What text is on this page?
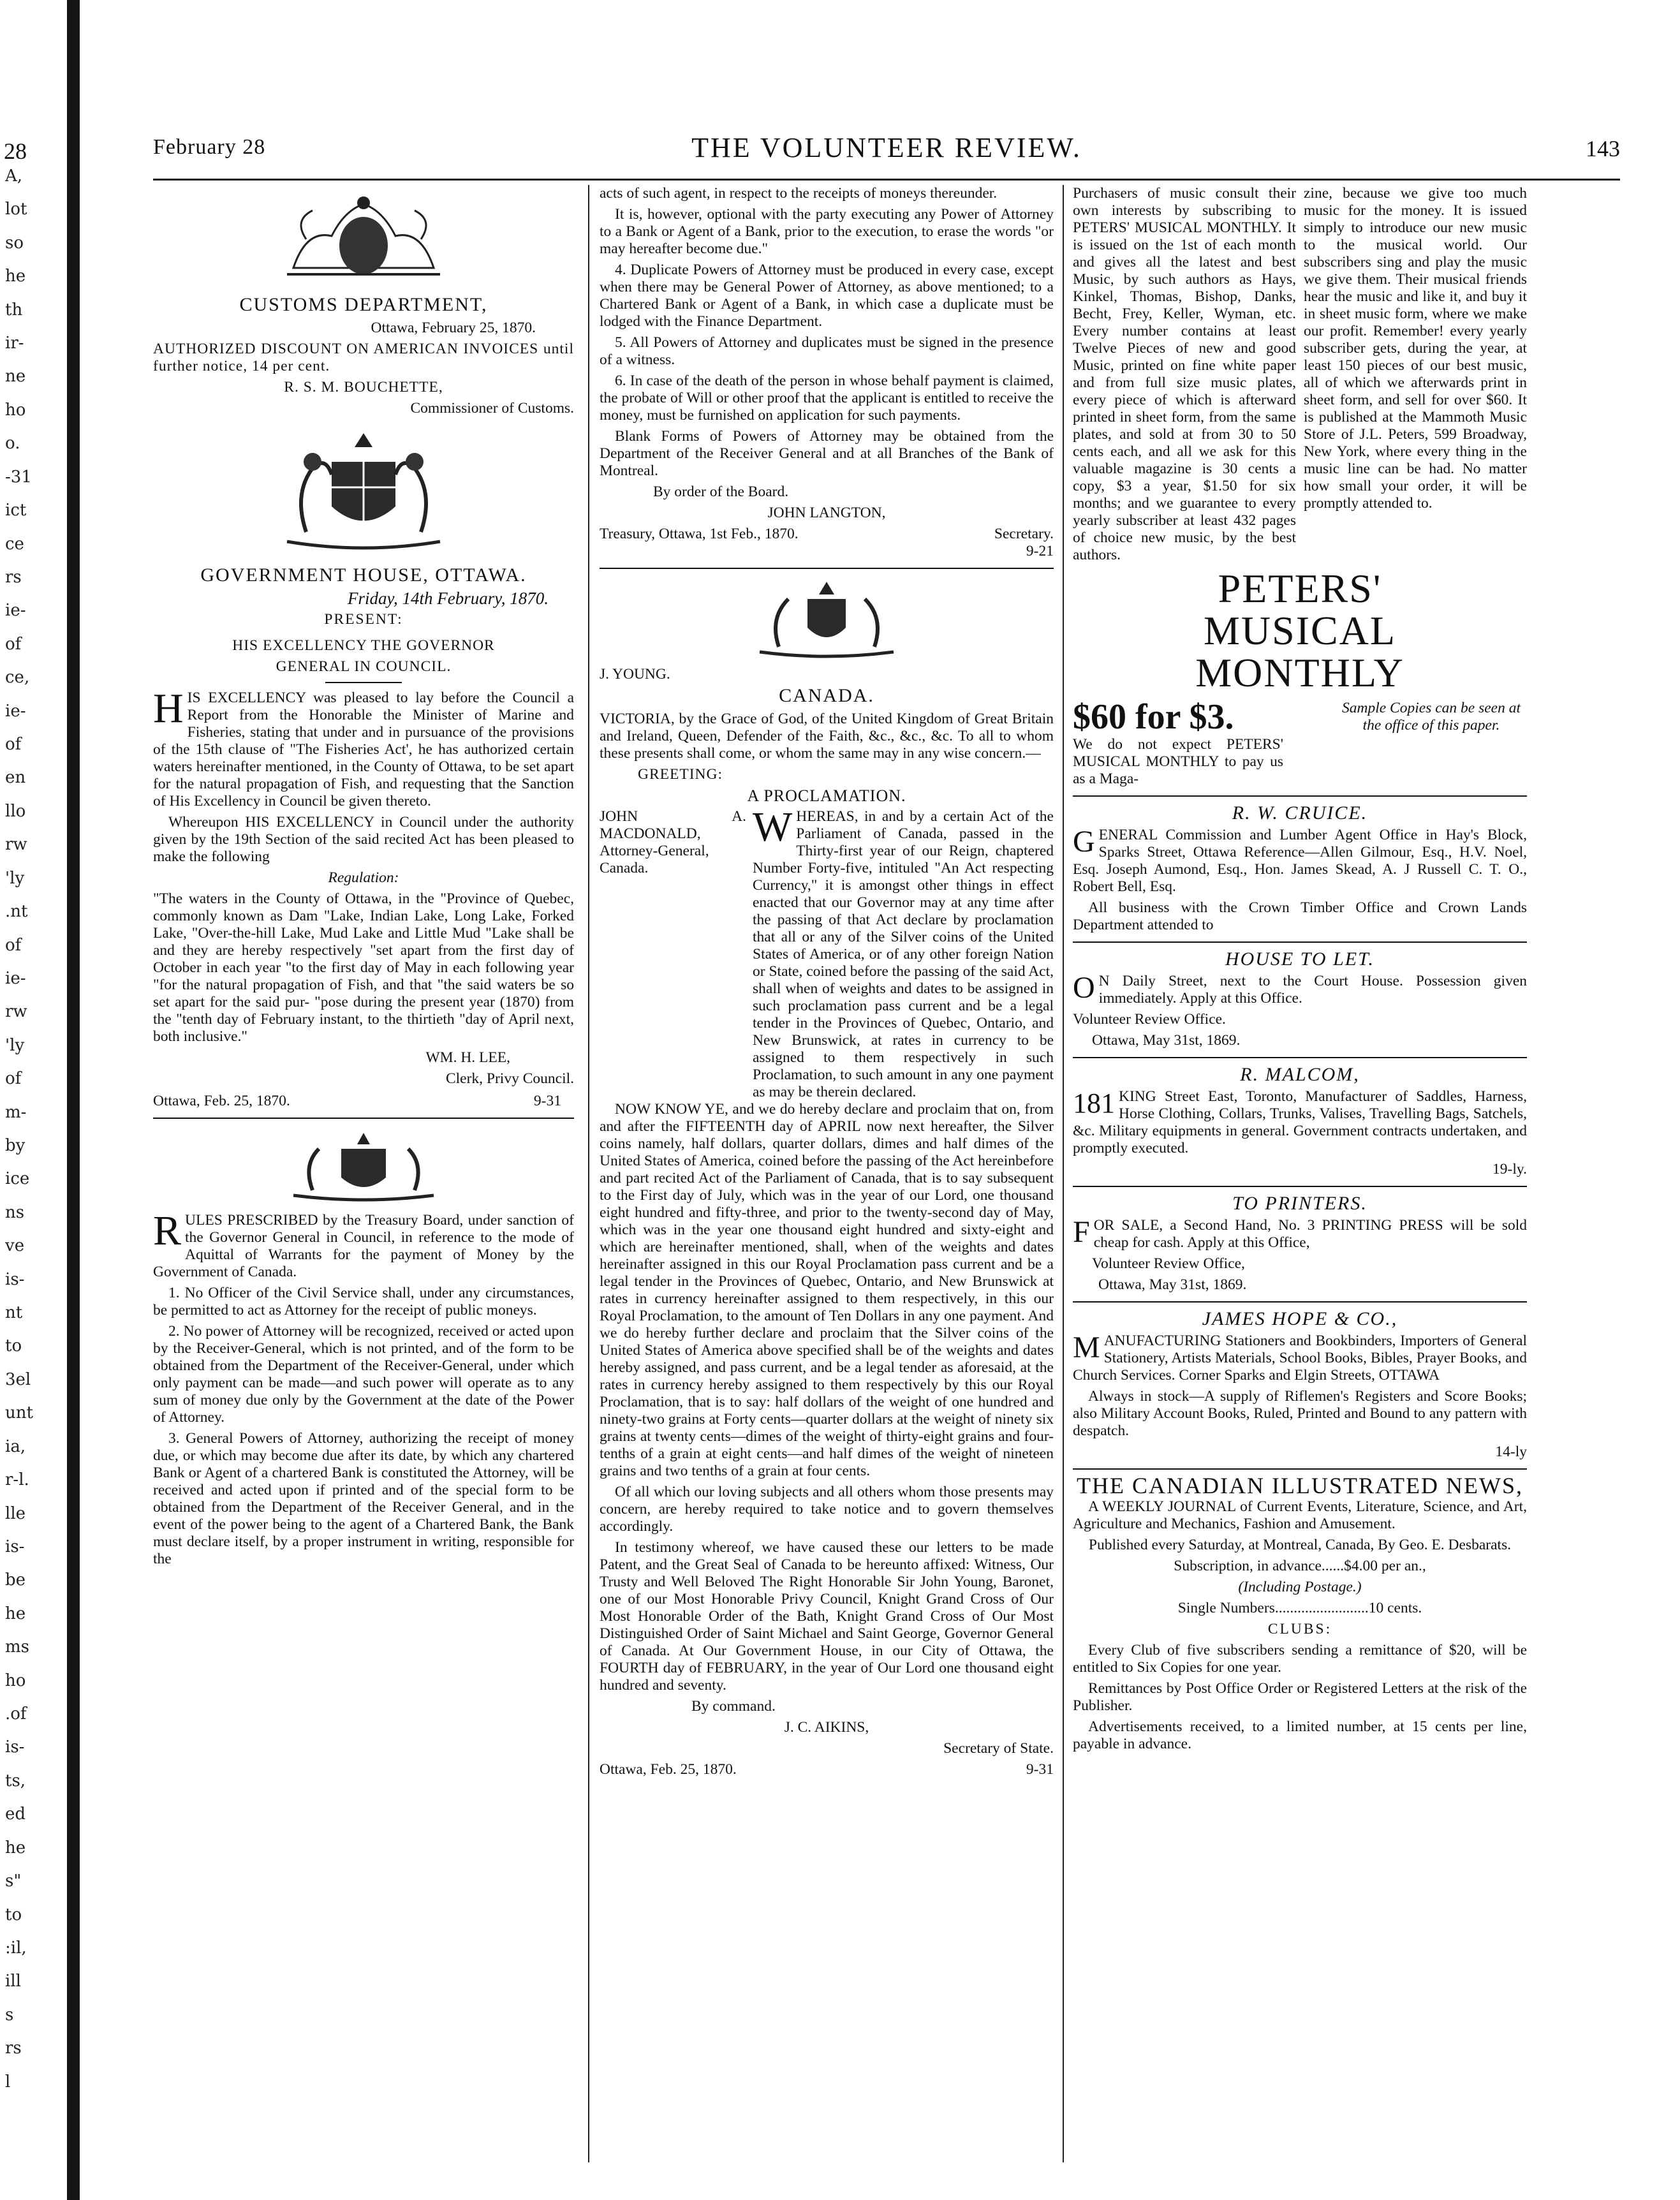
A,
lot
so
he
th
ir-
ne
ho
o.
-31
ict
ce
rs
ie-
of
ce,
ie-
of
en
llo
rw
'ly
.nt
of
ie-
rw
'ly
of
m-
by
ice
ns
ve
is-
nt
to
3el
unt
ia,
r-l.
lle
is-
be
he
ms
ho
.of
is-
ts,
ed
he
s"
to
:il,
ill
s
rs
l
28	February 28	THE VOLUNTEER REVIEW.	143
CUSTOMS DEPARTMENT,

Ottawa, February 25, 1870.

AUTHORIZED DISCOUNT ON AMERICAN INVOICES until further notice, 14 per cent.

R. S. M. BOUCHETTE,

Commissioner of Customs.

GOVERNMENT HOUSE, OTTAWA.

Friday, 14th February, 1870.

PRESENT:

HIS EXCELLENCY THE GOVERNOR

GENERAL IN COUNCIL.

HIS EXCELLENCY was pleased to lay before the Council a Report from the Honorable the Minister of Marine and Fisheries, stating that under and in pursuance of the provisions of the 15th clause of "The Fisheries Act', he has authorized certain waters hereinafter mentioned, in the County of Ottawa, to be set apart for the natural propagation of Fish, and requesting that the Sanction of His Excellency in Council be given thereto.

Whereupon HIS EXCELLENCY in Council under the authority given by the 19th Section of the said recited Act has been pleased to make the following

Regulation:

"The waters in the County of Ottawa, in the "Province of Quebec, commonly known as Dam "Lake, Indian Lake, Long Lake, Forked Lake, "Over-the-hill Lake, Mud Lake and Little Mud "Lake shall be and they are hereby respectively "set apart from the first day of October in each year "to the first day of May in each following year "for the natural propagation of Fish, and that "the said waters be so set apart for the said pur- "pose during the present year (1870) from the "tenth day of February instant, to the thirtieth "day of April next, both inclusive."

WM. H. LEE,

Clerk, Privy Council.

Ottawa, Feb. 25, 1870.	9-31

RULES PRESCRIBED by the Treasury Board, under sanction of the Governor General in Council, in reference to the mode of Aquittal of Warrants for the payment of Money by the Government of Canada.

1. No Officer of the Civil Service shall, under any circumstances, be permitted to act as Attorney for the receipt of public moneys.

2. No power of Attorney will be recognized, received or acted upon by the Receiver-General, which is not printed, and of the form to be obtained from the Department of the Receiver-General, under which only payment can be made—and such power will operate as to any sum of money due only by the Government at the date of the Power of Attorney.

3. General Powers of Attorney, authorizing the receipt of money due, or which may become due after its date, by which any chartered Bank or Agent of a chartered Bank is constituted the Attorney, will be received and acted upon if printed and of the special form to be obtained from the Department of the Receiver General, and in the event of the power being to the agent of a Chartered Bank, the Bank must declare itself, by a proper instrument in writing, responsible for the

acts of such agent, in respect to the receipts of moneys thereunder.

It is, however, optional with the party executing any Power of Attorney to a Bank or Agent of a Bank, prior to the execution, to erase the words "or may hereafter become due."

4. Duplicate Powers of Attorney must be produced in every case, except when there may be General Power of Attorney, as above mentioned; to a Chartered Bank or Agent of a Bank, in which case a duplicate must be lodged with the Finance Department.

5. All Powers of Attorney and duplicates must be signed in the presence of a witness.

6. In case of the death of the person in whose behalf payment is claimed, the probate of Will or other proof that the applicant is entitled to receive the money, must be furnished on application for such payments.

Blank Forms of Powers of Attorney may be obtained from the Department of the Receiver General and at all Branches of the Bank of Montreal.

By order of the Board.

JOHN LANGTON,

Treasury, Ottawa, 1st Feb., 1870.	Secretary.

9-21

J. YOUNG.

CANADA.

VICTORIA, by the Grace of God, of the United Kingdom of Great Britain and Ireland, Queen, Defender of the Faith, &c., &c., &c. To all to whom these presents shall come, or whom the same may in any wise concern.—

GREETING:

A PROCLAMATION.

JOHN A. MACDONALD, Attorney-General, Canada.
WHEREAS, in and by a certain Act of the Parliament of Canada, passed in the Thirty-first year of our Reign, chaptered Number Forty-five, intituled "An Act respecting Currency," it is amongst other things in effect enacted that our Governor may at any time after the passing of that Act declare by proclamation that all or any of the Silver coins of the United States of America, or of any other foreign Nation or State, coined before the passing of the said Act, shall when of weights and dates to be assigned in such proclamation pass current and be a legal tender in the Provinces of Quebec, Ontario, and New Brunswick, at rates in currency to be assigned to them respectively in such Proclamation, to such amount in any one payment as may be therein declared.

NOW KNOW YE, and we do hereby declare and proclaim that on, from and after the FIFTEENTH day of APRIL now next hereafter, the Silver coins namely, half dollars, quarter dollars, dimes and half dimes of the United States of America, coined before the passing of the Act hereinbefore and part recited Act of the Parliament of Canada, that is to say subsequent to the First day of July, which was in the year of our Lord, one thousand eight hundred and fifty-three, and prior to the twenty-second day of May, which was in the year one thousand eight hundred and sixty-eight and which are hereinafter mentioned, shall, when of the weights and dates hereinafter assigned in this our Royal Proclamation pass current and be a legal tender in the Provinces of Quebec, Ontario, and New Brunswick at rates in currency hereinafter assigned to them respectively, in this our Royal Proclamation, to the amount of Ten Dollars in any one payment. And we do hereby further declare and proclaim that the Silver coins of the United States of America above specified shall be of the weights and dates hereby assigned, and pass current, and be a legal tender as aforesaid, at the rates in currency hereby assigned to them respectively by this our Royal Proclamation, that is to say: half dollars of the weight of one hundred and ninety-two grains at Forty cents—quarter dollars at the weight of ninety six grains at twenty cents—dimes of the weight of thirty-eight grains and four-tenths of a grain at eight cents—and half dimes of the weight of nineteen grains and two tenths of a grain at four cents.

Of all which our loving subjects and all others whom those presents may concern, are hereby required to take notice and to govern themselves accordingly.

In testimony whereof, we have caused these our letters to be made Patent, and the Great Seal of Canada to be hereunto affixed: Witness, Our Trusty and Well Beloved The Right Honorable Sir John Young, Baronet, one of our Most Honorable Privy Council, Knight Grand Cross of Our Most Honorable Order of the Bath, Knight Grand Cross of Our Most Distinguished Order of Saint Michael and Saint George, Governor General of Canada. At Our Government House, in our City of Ottawa, the FOURTH day of FEBRUARY, in the year of Our Lord one thousand eight hundred and seventy.

By command.

J. C. AIKINS,

Secretary of State.

Ottawa, Feb. 25, 1870.	9-31

Purchasers of music consult their own interests by subscribing to PETERS' MUSICAL MONTHLY. It is issued on the 1st of each month and gives all the latest and best Music, by such authors as Hays, Kinkel, Thomas, Bishop, Danks, Becht, Frey, Keller, Wyman, etc. Every number contains at least Twelve Pieces of new and good Music, printed on fine white paper and from full size music plates, every piece of which is afterward printed in sheet form, from the same plates, and sold at from 30 to 50 cents each, and all we ask for this valuable magazine is 30 cents a copy, $3 a year, $1.50 for six months; and we guarantee to every yearly subscriber at least 432 pages of choice new music, by the best authors.

zine, because we give too much music for the money. It is issued simply to introduce our new music to the musical world. Our subscribers sing and play the music we give them. Their musical friends hear the music and like it, and buy it in sheet music form, where we make our profit. Remember! every yearly subscriber gets, during the year, at least 150 pieces of our best music, all of which we afterwards print in sheet form, and sell for over $60. It is published at the Mammoth Music Store of J.L. Peters, 599 Broadway, New York, where every thing in the music line can be had. No matter how small your order, it will be promptly attended to.

PETERS'
MUSICAL
MONTHLY
$60 for $3.	Sample Copies can be seen at the office of this paper.

We do not expect PETERS' MUSICAL MONTHLY to pay us as a Maga-

R. W. CRUICE.

GENERAL Commission and Lumber Agent Office in Hay's Block, Sparks Street, Ottawa Reference—Allen Gilmour, Esq., H.V. Noel, Esq. Joseph Aumond, Esq., Hon. James Skead, A. J Russell C. T. O., Robert Bell, Esq.

All business with the Crown Timber Office and Crown Lands Department attended to

HOUSE TO LET.

O N Daily Street, next to the Court House. Possession given immediately. Apply at this Office.

Volunteer Review Office.

Ottawa, May 31st, 1869.

R. MALCOM,

181 KING Street East, Toronto, Manufacturer of Saddles, Harness, Horse Clothing, Collars, Trunks, Valises, Travelling Bags, Satchels, &c. Military equipments in general. Government contracts undertaken, and promptly executed.

19-ly.

TO PRINTERS.

FOR SALE, a Second Hand, No. 3 PRINTING PRESS will be sold cheap for cash. Apply at this Office,

Volunteer Review Office,

Ottawa, May 31st, 1869.

JAMES HOPE & CO.,

MANUFACTURING Stationers and Bookbinders, Importers of General Stationery, Artists Materials, School Books, Bibles, Prayer Books, and Church Services. Corner Sparks and Elgin Streets, OTTAWA

Always in stock—A supply of Riflemen's Registers and Score Books; also Military Account Books, Ruled, Printed and Bound to any pattern with despatch.

14-ly

THE CANADIAN ILLUSTRATED NEWS,

A WEEKLY JOURNAL of Current Events, Literature, Science, and Art, Agriculture and Mechanics, Fashion and Amusement.

Published every Saturday, at Montreal, Canada, By Geo. E. Desbarats.

Subscription, in advance......$4.00 per an.,

(Including Postage.)

Single Numbers.........................10 cents.

CLUBS:

Every Club of five subscribers sending a remittance of $20, will be entitled to Six Copies for one year.

Remittances by Post Office Order or Registered Letters at the risk of the Publisher.

Advertisements received, to a limited number, at 15 cents per line, payable in advance.
